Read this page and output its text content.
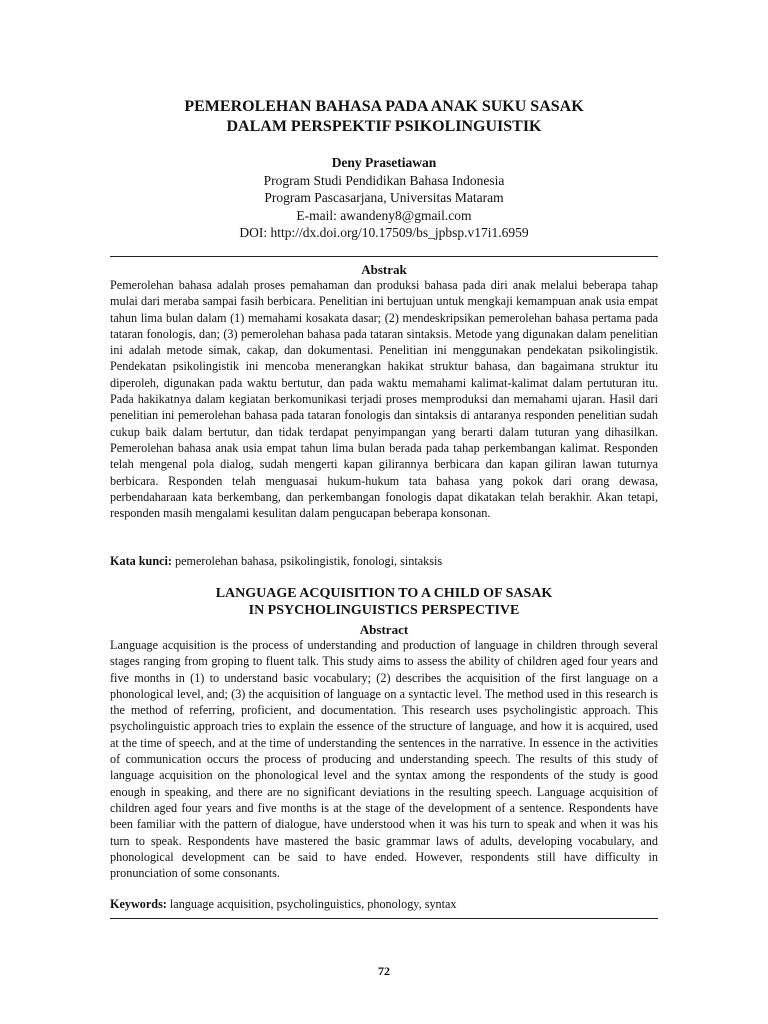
PEMEROLEHAN BAHASA PADA ANAK SUKU SASAK
DALAM PERSPEKTIF PSIKOLINGUISTIK
Deny Prasetiawan
Program Studi Pendidikan Bahasa Indonesia
Program Pascasarjana, Universitas Mataram
E-mail: awandeny8@gmail.com
DOI: http://dx.doi.org/10.17509/bs_jpbsp.v17i1.6959
Abstrak
Pemerolehan bahasa adalah proses pemahaman dan produksi bahasa pada diri anak melalui beberapa tahap mulai dari meraba sampai fasih berbicara. Penelitian ini bertujuan untuk mengkaji kemampuan anak usia empat tahun lima bulan dalam (1) memahami kosakata dasar; (2) mendeskripsikan pemerolehan bahasa pertama pada tataran fonologis, dan; (3) pemerolehan bahasa pada tataran sintaksis. Metode yang digunakan dalam penelitian ini adalah metode simak, cakap, dan dokumentasi. Penelitian ini menggunakan pendekatan psikolingistik. Pendekatan psikolingistik ini mencoba menerangkan hakikat struktur bahasa, dan bagaimana struktur itu diperoleh, digunakan pada waktu bertutur, dan pada waktu memahami kalimat-kalimat dalam pertuturan itu. Pada hakikatnya dalam kegiatan berkomunikasi terjadi proses memproduksi dan memahami ujaran. Hasil dari penelitian ini pemerolehan bahasa pada tataran fonologis dan sintaksis di antaranya responden penelitian sudah cukup baik dalam bertutur, dan tidak terdapat penyimpangan yang berarti dalam tuturan yang dihasilkan. Pemerolehan bahasa anak usia empat tahun lima bulan berada pada tahap perkembangan kalimat. Responden telah mengenal pola dialog, sudah mengerti kapan gilirannya berbicara dan kapan giliran lawan tuturnya berbicara. Responden telah menguasai hukum-hukum tata bahasa yang pokok dari orang dewasa, perbendaharaan kata berkembang, dan perkembangan fonologis dapat dikatakan telah berakhir. Akan tetapi, responden masih mengalami kesulitan dalam pengucapan beberapa konsonan.
Kata kunci: pemerolehan bahasa, psikolingistik, fonologi, sintaksis
LANGUAGE ACQUISITION TO A CHILD OF SASAK
IN PSYCHOLINGUISTICS PERSPECTIVE
Abstract
Language acquisition is the process of understanding and production of language in children through several stages ranging from groping to fluent talk. This study aims to assess the ability of children aged four years and five months in (1) to understand basic vocabulary; (2) describes the acquisition of the first language on a phonological level, and; (3) the acquisition of language on a syntactic level. The method used in this research is the method of referring, proficient, and documentation. This research uses psycholingistic approach. This psycholinguistic approach tries to explain the essence of the structure of language, and how it is acquired, used at the time of speech, and at the time of understanding the sentences in the narrative. In essence in the activities of communication occurs the process of producing and understanding speech. The results of this study of language acquisition on the phonological level and the syntax among the respondents of the study is good enough in speaking, and there are no significant deviations in the resulting speech. Language acquisition of children aged four years and five months is at the stage of the development of a sentence. Respondents have been familiar with the pattern of dialogue, have understood when it was his turn to speak and when it was his turn to speak. Respondents have mastered the basic grammar laws of adults, developing vocabulary, and phonological development can be said to have ended. However, respondents still have difficulty in pronunciation of some consonants.
Keywords: language acquisition, psycholinguistics, phonology, syntax
72
